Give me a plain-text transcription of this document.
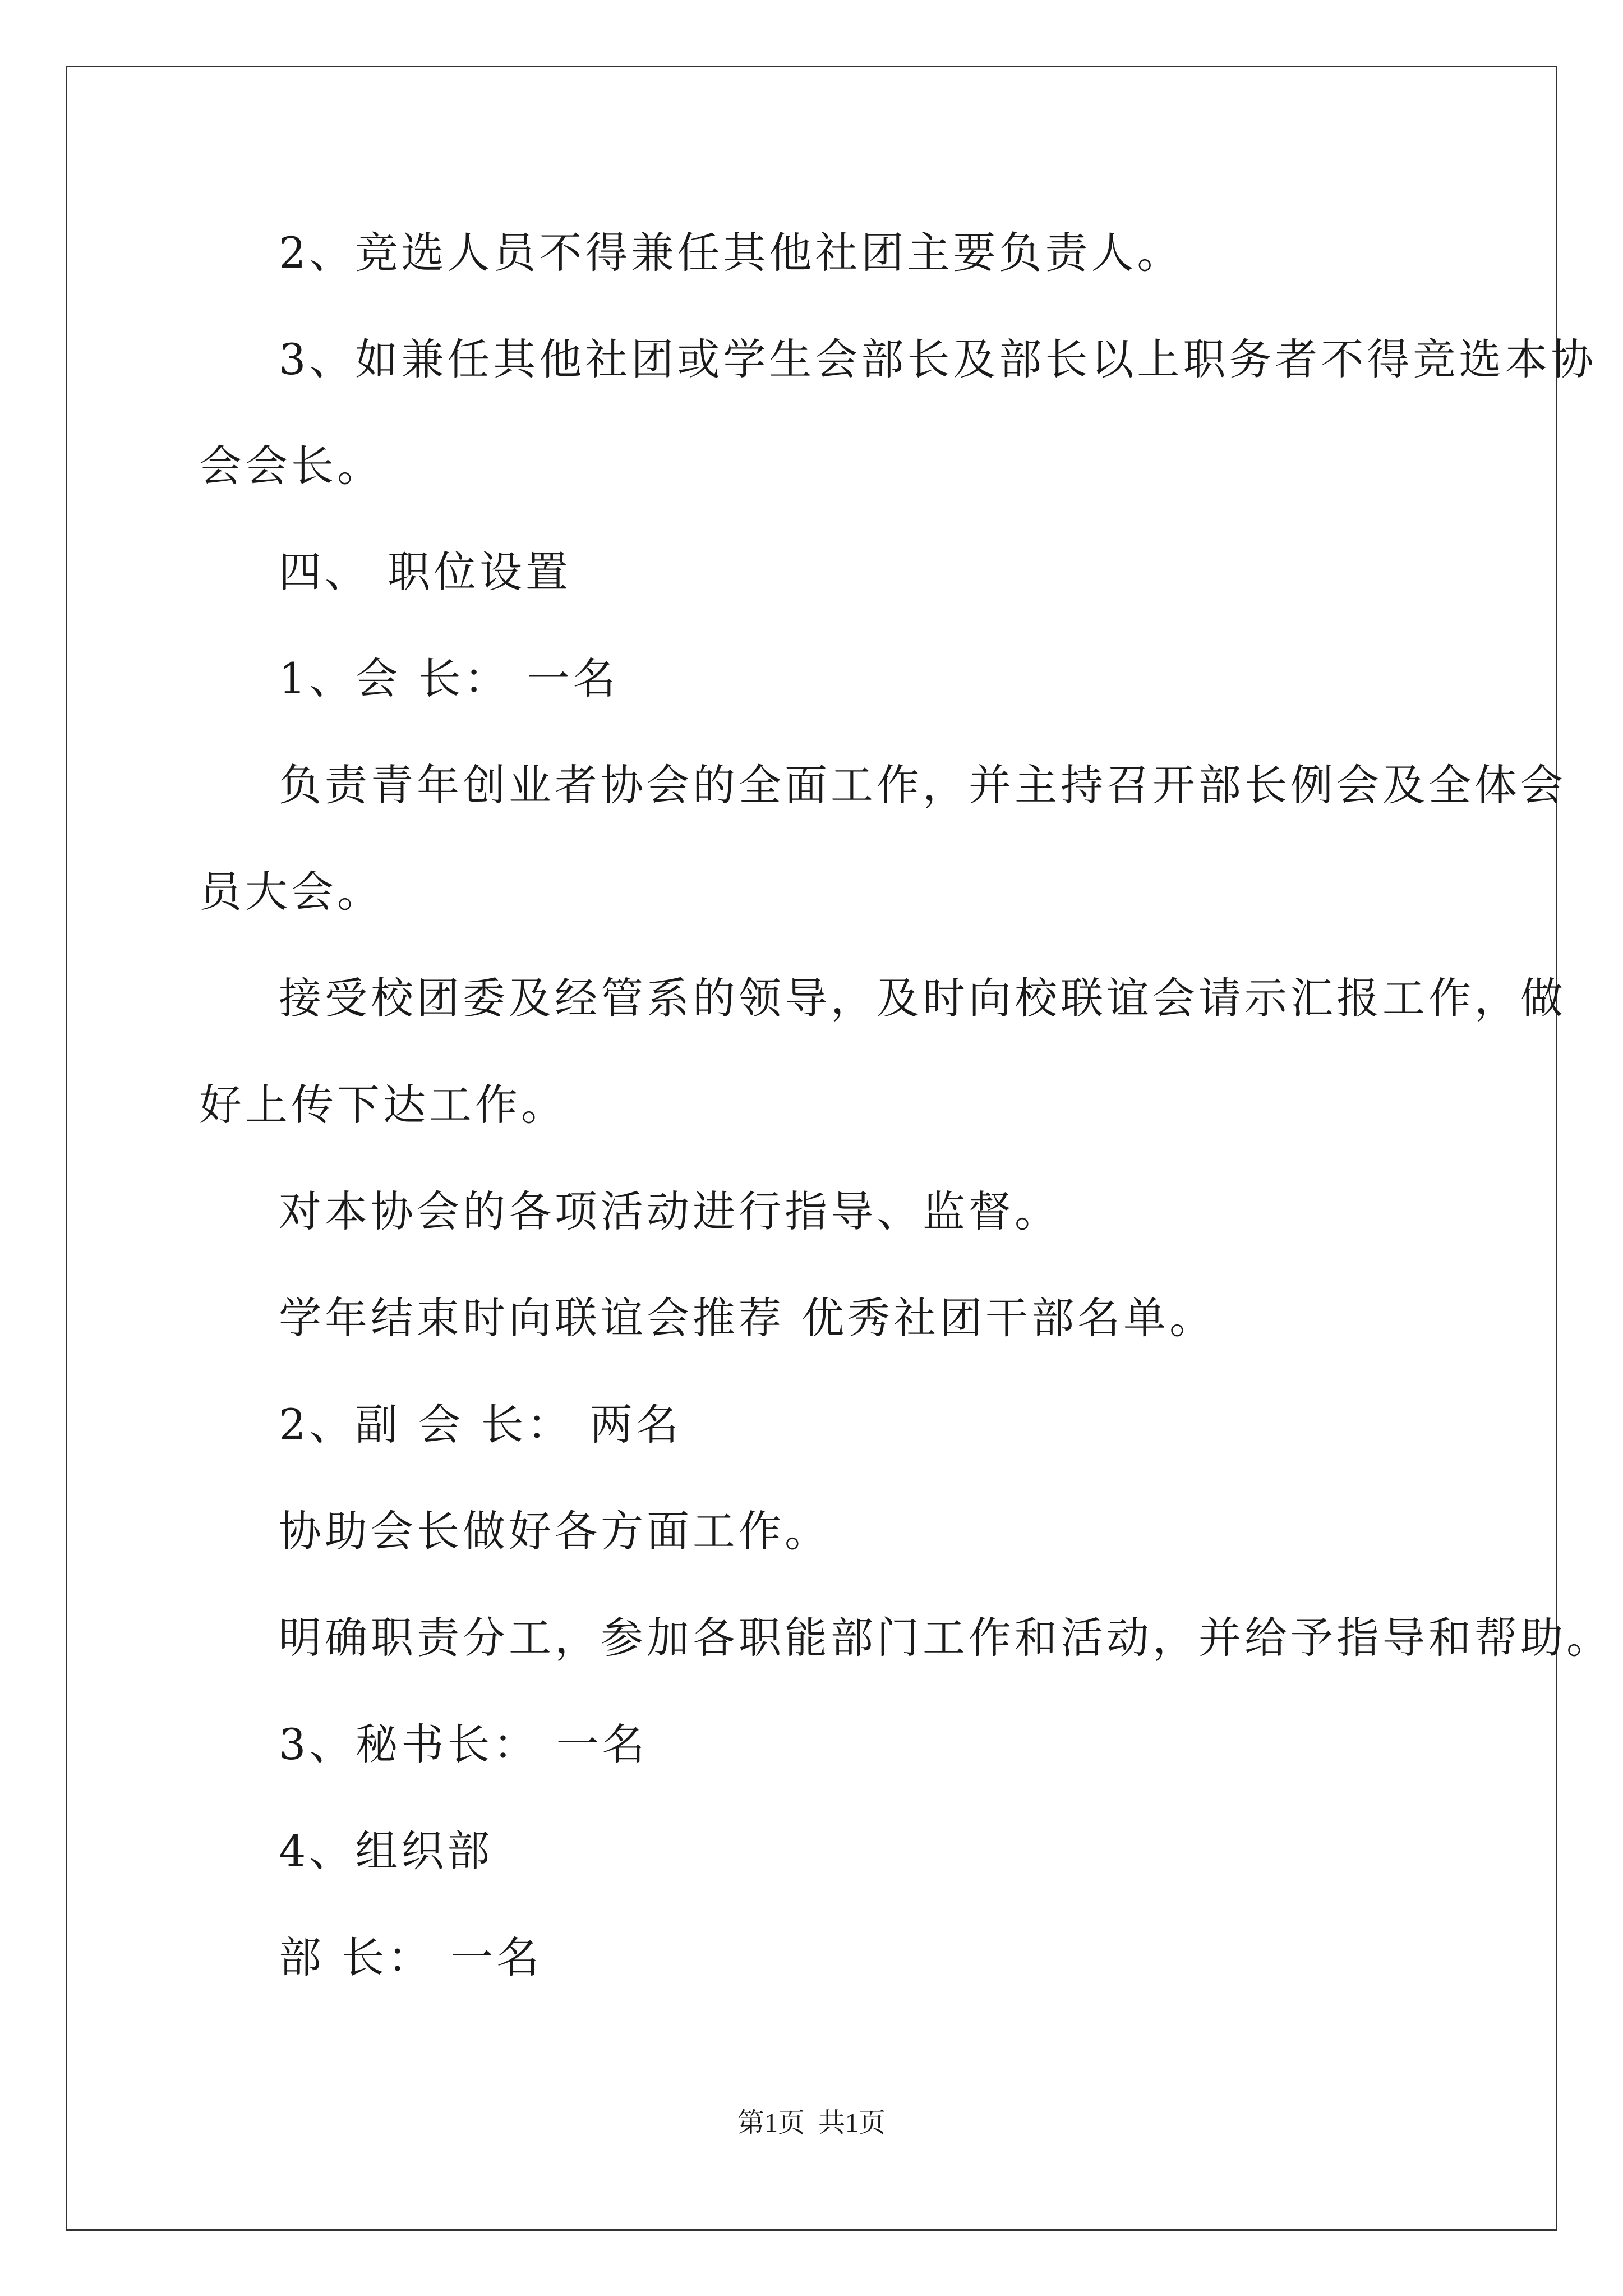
2、竞选人员不得兼任其他社团主要负责人。
3、如兼任其他社团或学生会部长及部长以上职务者不得竞选本协
会会长。
四、 职位设置
1、会 长： 一名
负责青年创业者协会的全面工作，并主持召开部长例会及全体会
员大会。
接受校团委及经管系的领导，及时向校联谊会请示汇报工作，做
好上传下达工作。
对本协会的各项活动进行指导、监督。
学年结束时向联谊会推荐 优秀社团干部名单。
2、副 会 长： 两名
协助会长做好各方面工作。
明确职责分工，参加各职能部门工作和活动，并给予指导和帮助。
3、秘书长： 一名
4、组织部
部 长： 一名
第1页  共1页
